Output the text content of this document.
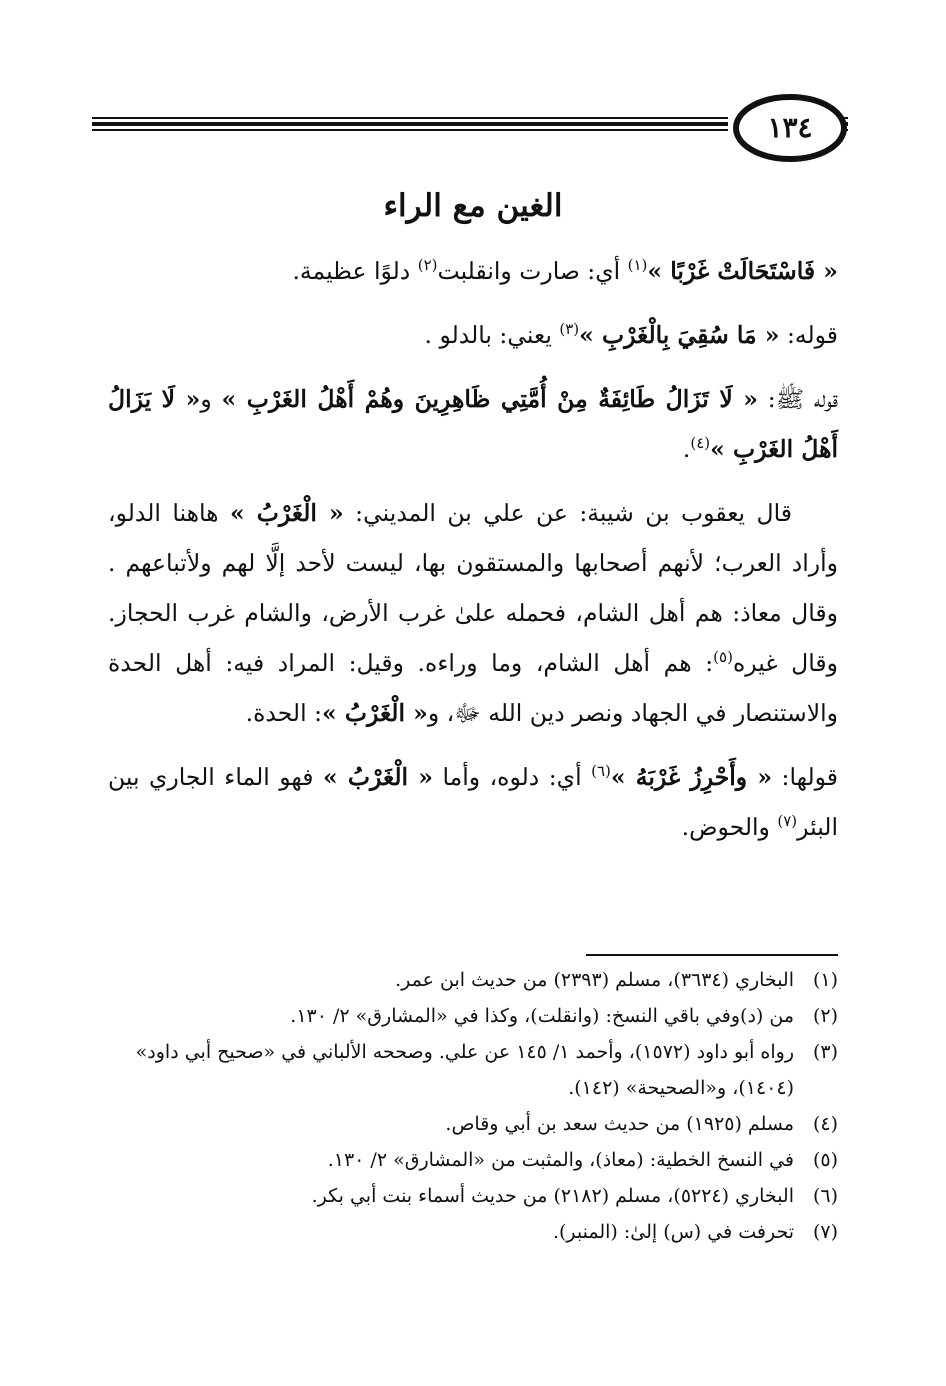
١٣٤
الغين مع الراء

« فَاسْتَحَالَتْ غَرْبًا »$^{(١)}$ أي: صارت وانقلبت$^{(٢)}$ دلوًا عظيمة.

قوله: « مَا سُقِيَ بِالْغَرْبِ »$^{(٣)}$ يعني: بالدلو .

قوله ﷺ: « لَا تَزَالُ طَائِفَةٌ مِنْ أُمَّتِي ظَاهِرِينَ وهُمْ أَهْلُ الغَرْبِ » و« لَا يَزَالُ أَهْلُ الغَرْبِ »$^{(٤)}$.

قال يعقوب بن شيبة: عن علي بن المديني: « الْغَرْبُ » هاهنا الدلو، وأراد العرب؛ لأنهم أصحابها والمستقون بها، ليست لأحد إلَّا لهم ولأتباعهم . وقال معاذ: هم أهل الشام، فحمله علىٰ غرب الأرض، والشام غرب الحجاز. وقال غيره$^{(٥)}$: هم أهل الشام، وما وراءه. وقيل: المراد فيه: أهل الحدة والاستنصار في الجهاد ونصر دين الله ﷻ، و« الْغَرْبُ »: الحدة.

قولها: « وأَحْرِزُ غَرْبَهُ »$^{(٦)}$ أي: دلوه، وأما « الْغَرْبُ » فهو الماء الجاري بين البئر$^{(٧)}$ والحوض.

(١)
البخاري (٣٦٣٤)، مسلم (٢٣٩٣) من حديث ابن عمر.
(٢)
من (د)وفي باقي النسخ: (وانقلت)، وكذا في «المشارق» ٢/ ١٣٠.
(٣)
رواه أبو داود (١٥٧٢)، وأحمد ١/ ١٤٥ عن علي. وصححه الألباني في «صحيح أبي داود» (١٤٠٤)، و«الصحيحة» (١٤٢).
(٤)
مسلم (١٩٢٥) من حديث سعد بن أبي وقاص.
(٥)
في النسخ الخطية: (معاذ)، والمثبت من «المشارق» ٢/ ١٣٠.
(٦)
البخاري (٥٢٢٤)، مسلم (٢١٨٢) من حديث أسماء بنت أبي بكر.
(٧)
تحرفت في (س) إلىٰ: (المنبر).
